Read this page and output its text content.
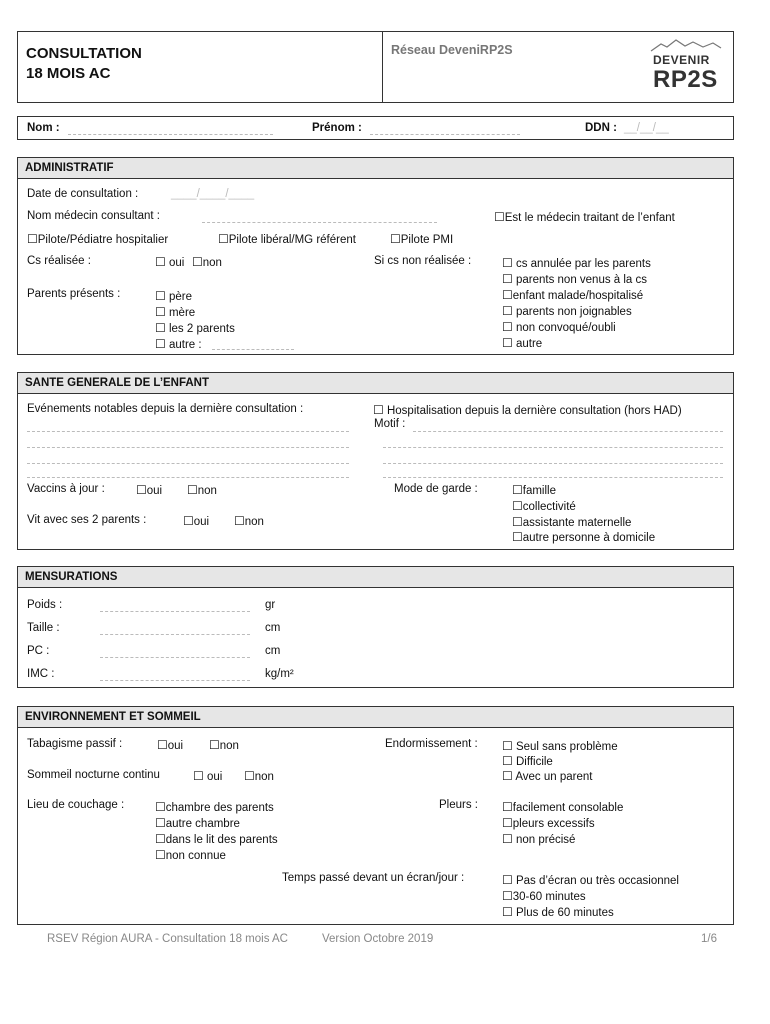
CONSULTATION
18 MOIS AC
Réseau DeveniRP2S
DEVENIR
RP2S
Nom :	Prénom :	DDN : __/__/__
ADMINISTRATIF
Date de consultation :	____/____/____
Nom médecin consultant :	☐Est le médecin traitant de l’enfant
☐Pilote/Pédiatre hospitalier	☐Pilote libéral/MG référent	☐Pilote PMI
Cs réalisée :	☐ oui ☐non	Si cs non réalisée :	☐ cs annulée par les parents
☐ parents non venus à la cs
☐enfant malade/hospitalisé
☐ parents non joignables
☐ non convoqué/oubli
☐ autre
Parents présents :	☐ père
☐ mère
☐ les 2 parents
☐ autre :
SANTE GENERALE DE L’ENFANT
Evénements notables depuis la dernière consultation :	☐ Hospitalisation depuis la dernière consultation (hors HAD)
Motif :
Vaccins à jour :	☐oui ☐non
Vit avec ses 2 parents :	☐oui ☐non
Mode de garde :	☐famille
☐collectivité
☐assistante maternelle
☐autre personne à domicile
MENSURATIONS
Poids :	gr
Taille :	cm
PC :	cm
IMC :	kg/m²
ENVIRONNEMENT ET SOMMEIL
Tabagisme passif :	☐oui ☐non
Sommeil nocturne continu	☐ oui ☐non
Endormissement : ☐ Seul sans problème
☐ Difficile
☐ Avec un parent
Lieu de couchage :	☐chambre des parents
☐autre chambre
☐dans le lit des parents
☐non connue
Pleurs : ☐facilement consolable
☐pleurs excessifs
☐ non précisé
Temps passé devant un écran/jour :	☐ Pas d’écran ou très occasionnel
☐30-60 minutes
☐ Plus de 60 minutes
RSEV Région AURA - Consultation 18 mois AC	Version Octobre 2019	1/6
